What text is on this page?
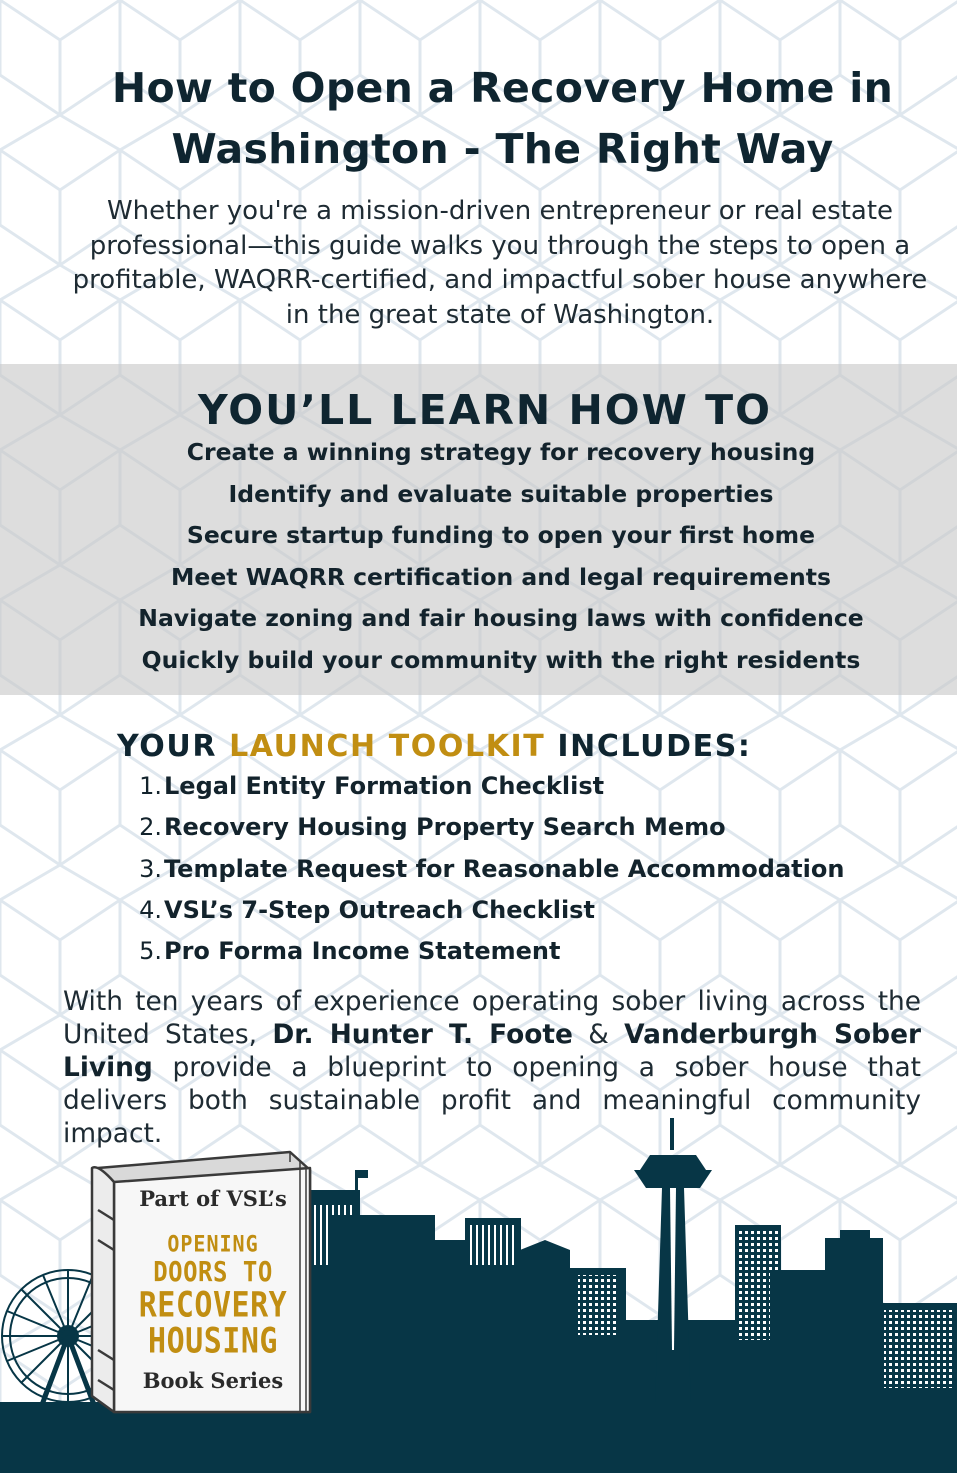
How to Open a Recovery Home in
Washington - The Right Way

Whether you're a mission-driven entrepreneur or real estate professional—this guide walks you through the steps to open a profitable, WAQRR-certified, and impactful sober house anywhere in the great state of Washington.

YOU’LL LEARN HOW TO
Create a winning strategy for recovery housing
Identify and evaluate suitable properties
Secure startup funding to open your first home
Meet WAQRR certification and legal requirements
Navigate zoning and fair housing laws with confidence
Quickly build your community with the right residents
YOUR LAUNCH TOOLKIT INCLUDES:
1.Legal Entity Formation Checklist
2.Recovery Housing Property Search Memo
3.Template Request for Reasonable Accommodation
4.VSL’s 7-Step Outreach Checklist
5.Pro Forma Income Statement

With ten years of experience operating sober living across the United States, Dr. Hunter T. Foote & Vanderburgh Sober Living provide a blueprint to opening a sober house that delivers both sustainable profit and meaningful community impact.

Part of VSL’s
OPENING
DOORS TO
RECOVERY
HOUSING
Book Series
